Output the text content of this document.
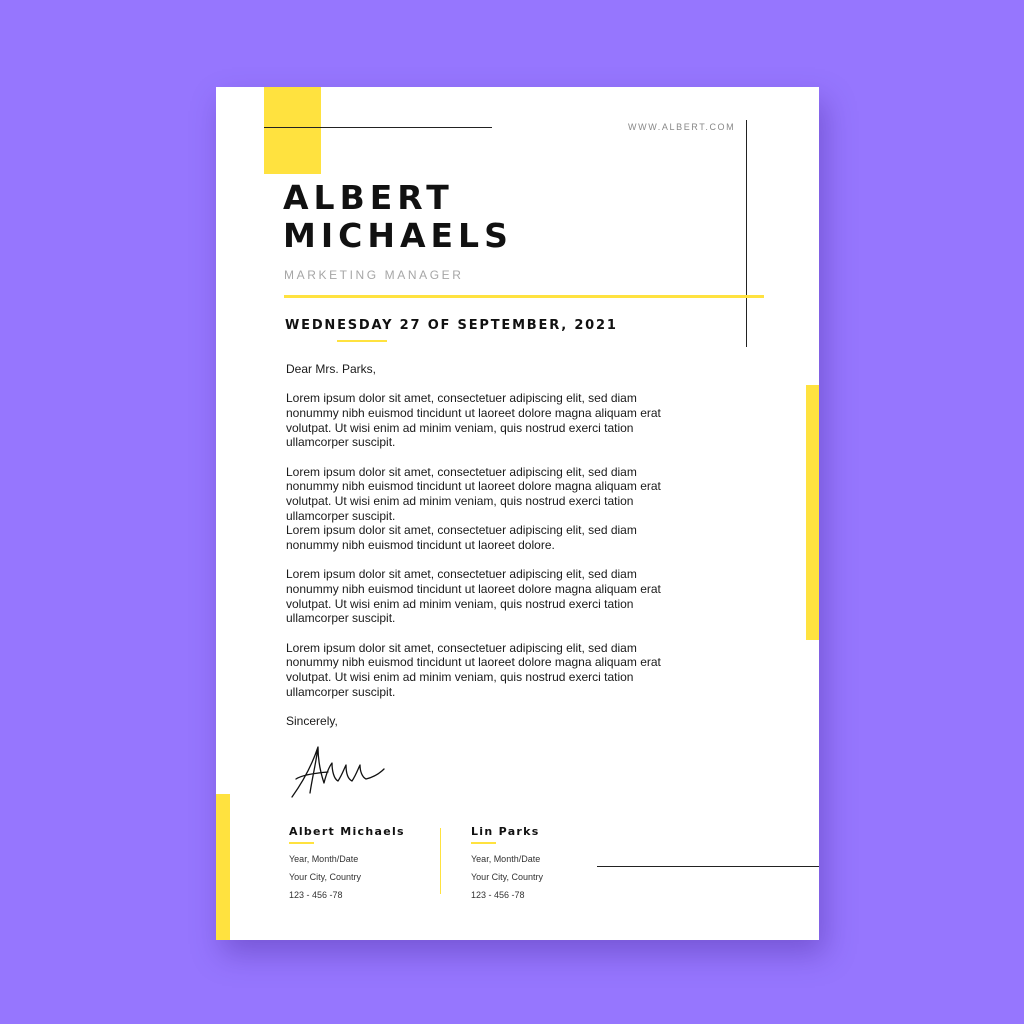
WWW.ALBERT.COM
ALBERT
MICHAELS
MARKETING MANAGER
WEDNESDAY 27 OF SEPTEMBER, 2021

Dear Mrs. Parks,

Lorem ipsum dolor sit amet, consectetuer adipiscing elit, sed diam
nonummy nibh euismod tincidunt ut laoreet dolore magna aliquam erat
volutpat. Ut wisi enim ad minim veniam, quis nostrud exerci tation
ullamcorper suscipit.

Lorem ipsum dolor sit amet, consectetuer adipiscing elit, sed diam
nonummy nibh euismod tincidunt ut laoreet dolore magna aliquam erat
volutpat. Ut wisi enim ad minim veniam, quis nostrud exerci tation
ullamcorper suscipit.
Lorem ipsum dolor sit amet, consectetuer adipiscing elit, sed diam
nonummy nibh euismod tincidunt ut laoreet dolore.

Lorem ipsum dolor sit amet, consectetuer adipiscing elit, sed diam
nonummy nibh euismod tincidunt ut laoreet dolore magna aliquam erat
volutpat. Ut wisi enim ad minim veniam, quis nostrud exerci tation
ullamcorper suscipit.

Lorem ipsum dolor sit amet, consectetuer adipiscing elit, sed diam
nonummy nibh euismod tincidunt ut laoreet dolore magna aliquam erat
volutpat. Ut wisi enim ad minim veniam, quis nostrud exerci tation
ullamcorper suscipit.

Sincerely,

Albert Michaels
Year, Month/Date
Your City, Country
123 - 456 -78
Lin Parks
Year, Month/Date
Your City, Country
123 - 456 -78
